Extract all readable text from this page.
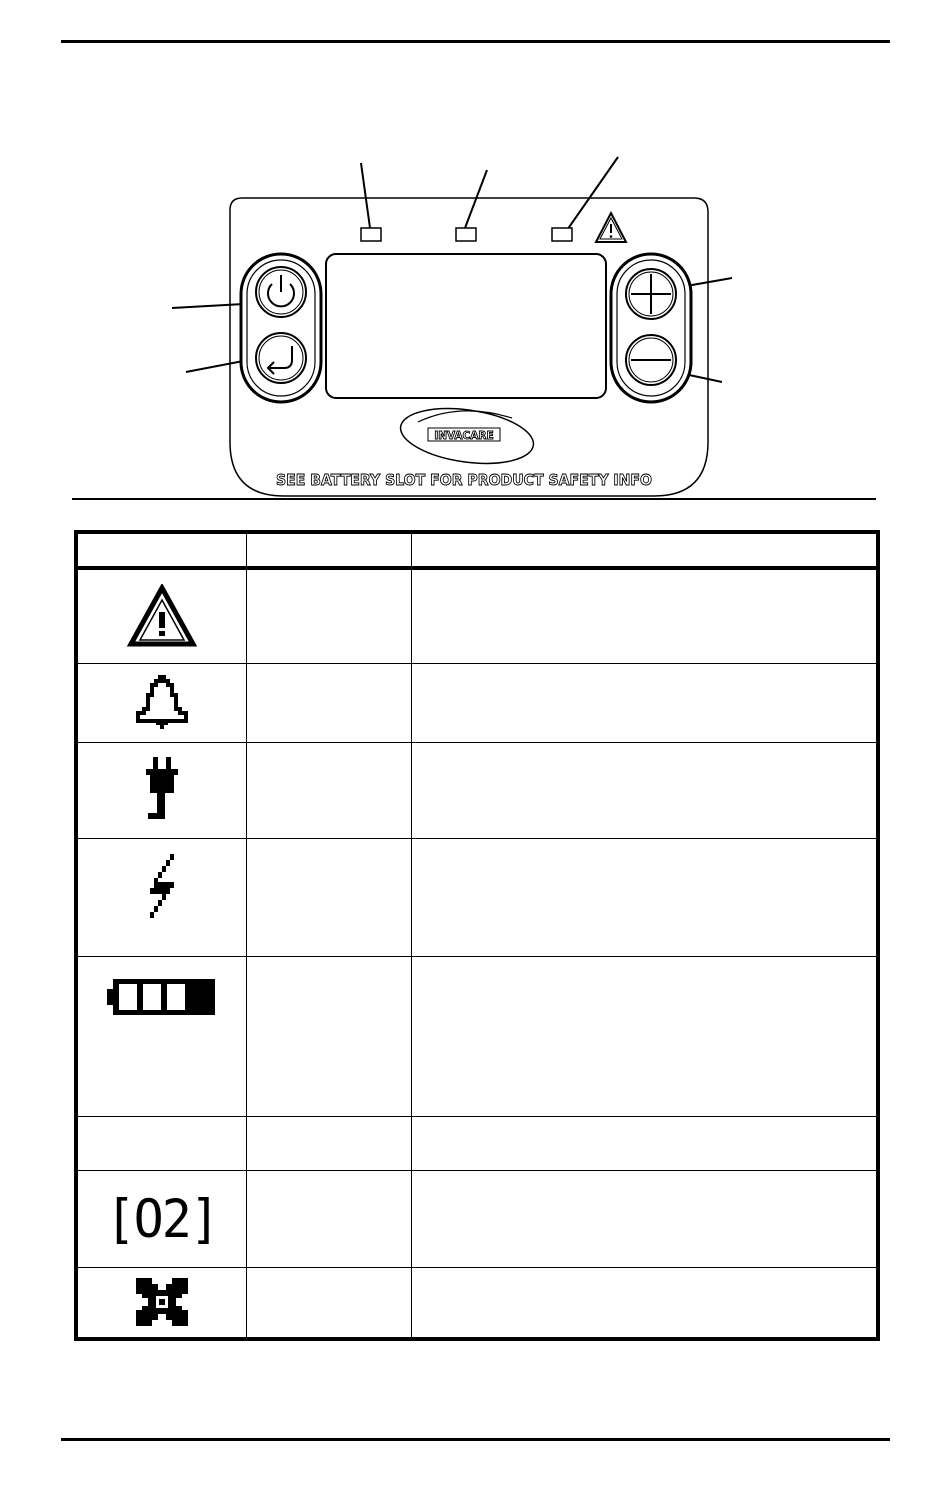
INVACARE
SEE BATTERY SLOT FOR PRODUCT SAFETY INFO

[O2]		
